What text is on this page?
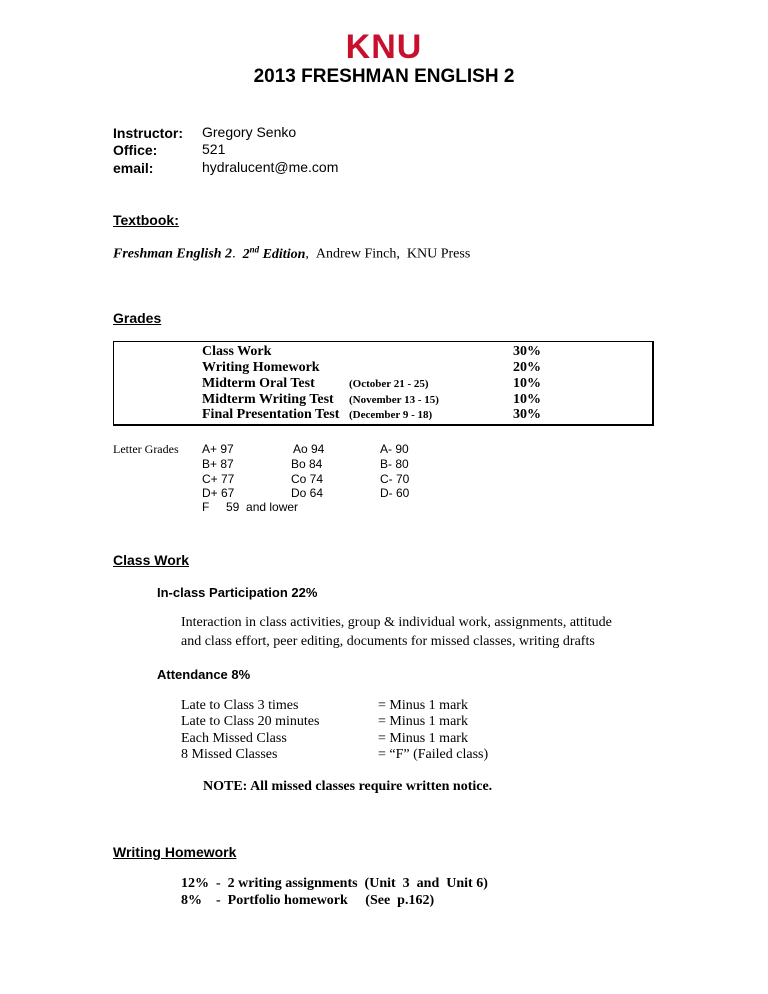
KNU
2013 FRESHMAN ENGLISH 2
Instructor: Gregory Senko
Office:	521
email:	hydralucent@me.com
Textbook:
Freshman English 2.  2nd Edition,  Andrew Finch, KNU Press
Grades
Class Work	30%
Writing Homework	20%
Midterm Oral Test	(October 21 - 25)	10%
Midterm Writing Test (November 13 - 15)	10%
Final Presentation Test (December 9 - 18)	30%
Letter Grades A+ 97	Ao 94	A- 90
B+ 87	Bo 84	B- 80
C+ 77	Co 74	C- 70
D+ 67	Do 64	D- 60
F     59  and lower
Class Work
In-class Participation 22%
Interaction in class activities, group & individual work, assignments, attitude
and class effort, peer editing, documents for missed classes, writing drafts
Attendance 8%
Late to Class 3 times	= Minus 1 mark
Late to Class 20 minutes	= Minus 1 mark
Each Missed Class	= Minus 1 mark
8 Missed Classes	= “F” (Failed class)
NOTE: All missed classes require written notice.
Writing Homework
12%  -  2 writing assignments  (Unit  3  and  Unit 6)
8%    -  Portfolio homework     (See  p.162)
